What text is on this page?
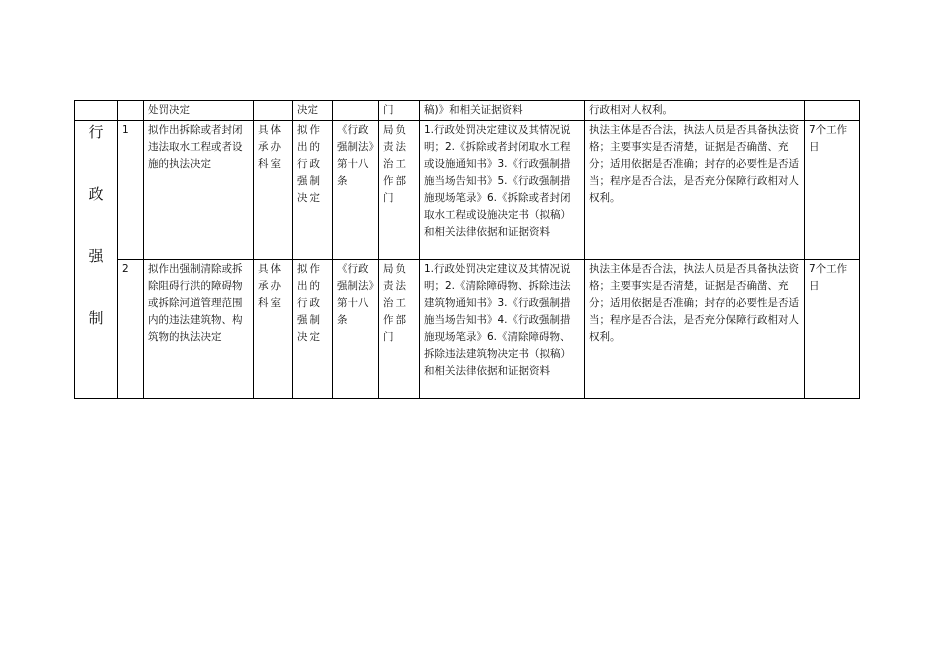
		处罚决定		决定		门	稿)》和相关证据资料	行政相对人权利。	

行
政
强
制	1	拟作出拆除或者封闭违法取水工程或者设施的执法决定	具体承办科室	拟作出的行政强制决定	《行政强制法》第十八条	局负责法治工作部门	1.行政处罚决定建议及其情况说明；2.《拆除或者封闭取水工程或设施通知书》3.《行政强制措施当场告知书》5.《行政强制措施现场笔录》6.《拆除或者封闭取水工程或设施决定书（拟稿）和相关法律依据和证据资料	执法主体是否合法，执法人员是否具备执法资格；主要事实是否清楚，证据是否确凿、充分；适用依据是否准确；封存的必要性是否适当；程序是否合法，是否充分保障行政相对人权利。	7个工作日
	2	拟作出强制清除或拆除阻碍行洪的障碍物或拆除河道管理范围内的违法建筑物、构筑物的执法决定	具体承办科室	拟作出的行政强制决定	《行政强制法》第十八条	局负责法治工作部门	1.行政处罚决定建议及其情况说明；2.《清除障碍物、拆除违法建筑物通知书》3.《行政强制措施当场告知书》4.《行政强制措施现场笔录》6.《清除障碍物、拆除违法建筑物决定书（拟稿）和相关法律依据和证据资料	执法主体是否合法，执法人员是否具备执法资格；主要事实是否清楚，证据是否确凿、充分；适用依据是否准确；封存的必要性是否适当；程序是否合法，是否充分保障行政相对人权利。	7个工作日
